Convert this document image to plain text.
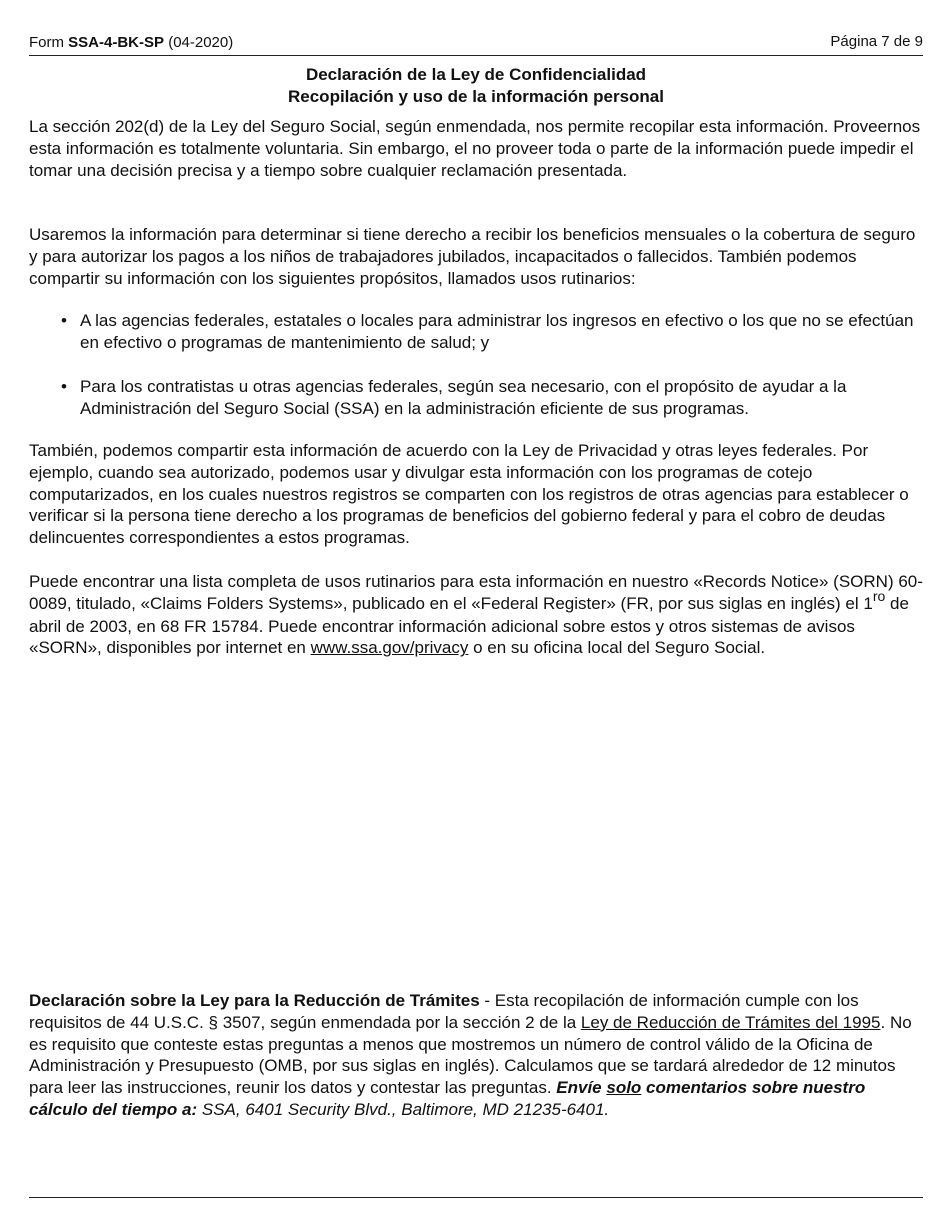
Form SSA-4-BK-SP (04-2020)	Página 7 de 9
Declaración de la Ley de Confidencialidad
Recopilación y uso de la información personal
La sección 202(d) de la Ley del Seguro Social, según enmendada, nos permite recopilar esta información. Proveernos esta información es totalmente voluntaria. Sin embargo, el no proveer toda o parte de la información puede impedir el tomar una decisión precisa y a tiempo sobre cualquier reclamación presentada.
Usaremos la información para determinar si tiene derecho a recibir los beneficios mensuales o la cobertura de seguro y para autorizar los pagos a los niños de trabajadores jubilados, incapacitados o fallecidos. También podemos compartir su información con los siguientes propósitos, llamados usos rutinarios:
• A las agencias federales, estatales o locales para administrar los ingresos en efectivo o los que no se efectúan en efectivo o programas de mantenimiento de salud; y
• Para los contratistas u otras agencias federales, según sea necesario, con el propósito de ayudar a la Administración del Seguro Social (SSA) en la administración eficiente de sus programas.
También, podemos compartir esta información de acuerdo con la Ley de Privacidad y otras leyes federales. Por ejemplo, cuando sea autorizado, podemos usar y divulgar esta información con los programas de cotejo computarizados, en los cuales nuestros registros se comparten con los registros de otras agencias para establecer o verificar si la persona tiene derecho a los programas de beneficios del gobierno federal y para el cobro de deudas delincuentes correspondientes a estos programas.
Puede encontrar una lista completa de usos rutinarios para esta información en nuestro «Records Notice» (SORN) 60-0089, titulado, «Claims Folders Systems», publicado en el «Federal Register» (FR, por sus siglas en inglés) el $1^{ro}$ de abril de 2003, en 68 FR 15784. Puede encontrar información adicional sobre estos y otros sistemas de avisos «SORN», disponibles por internet en www.ssa.gov/privacy o en su oficina local del Seguro Social.
Declaración sobre la Ley para la Reducción de Trámites - Esta recopilación de información cumple con los requisitos de 44 U.S.C. § 3507, según enmendada por la sección 2 de la Ley de Reducción de Trámites del 1995. No es requisito que conteste estas preguntas a menos que mostremos un número de control válido de la Oficina de Administración y Presupuesto (OMB, por sus siglas en inglés). Calculamos que se tardará alrededor de 12 minutos para leer las instrucciones, reunir los datos y contestar las preguntas. Envíe solo comentarios sobre nuestro cálculo del tiempo a: SSA, 6401 Security Blvd., Baltimore, MD 21235-6401.
